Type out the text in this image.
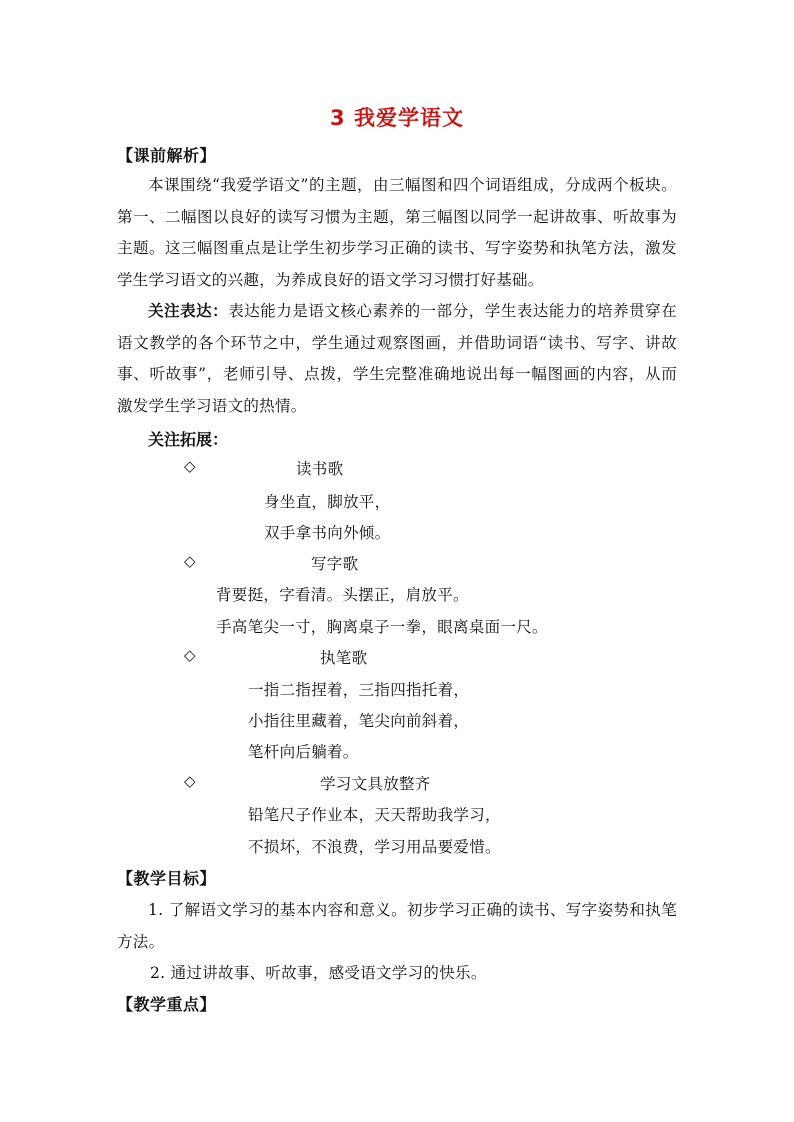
3 我爱学语文
【课前解析】

本课围绕“我爱学语文”的主题，由三幅图和四个词语组成，分成两个板块。第一、二幅图以良好的读写习惯为主题，第三幅图以同学一起讲故事、听故事为主题。这三幅图重点是让学生初步学习正确的读书、写字姿势和执笔方法，激发学生学习语文的兴趣，为养成良好的语文学习习惯打好基础。

关注表达：表达能力是语文核心素养的一部分，学生表达能力的培养贯穿在语文教学的各个环节之中，学生通过观察图画，并借助词语“读书、写字、讲故事、听故事”，老师引导、点拨，学生完整准确地说出每一幅图画的内容，从而激发学生学习语文的热情。

关注拓展：
◇	读书歌
身坐直，脚放平，
双手拿书向外倾。
◇	写字歌
背要挺，字看清。头摆正，肩放平。
手高笔尖一寸，胸离桌子一拳，眼离桌面一尺。
◇	执笔歌
一指二指捏着，三指四指托着，
小指往里藏着，笔尖向前斜着，
笔杆向后躺着。
◇	学习文具放整齐
铅笔尺子作业本，天天帮助我学习，
不损坏，不浪费，学习用品要爱惜。
【教学目标】

1. 了解语文学习的基本内容和意义。初步学习正确的读书、写字姿势和执笔方法。

2. 通过讲故事、听故事，感受语文学习的快乐。
【教学重点】
